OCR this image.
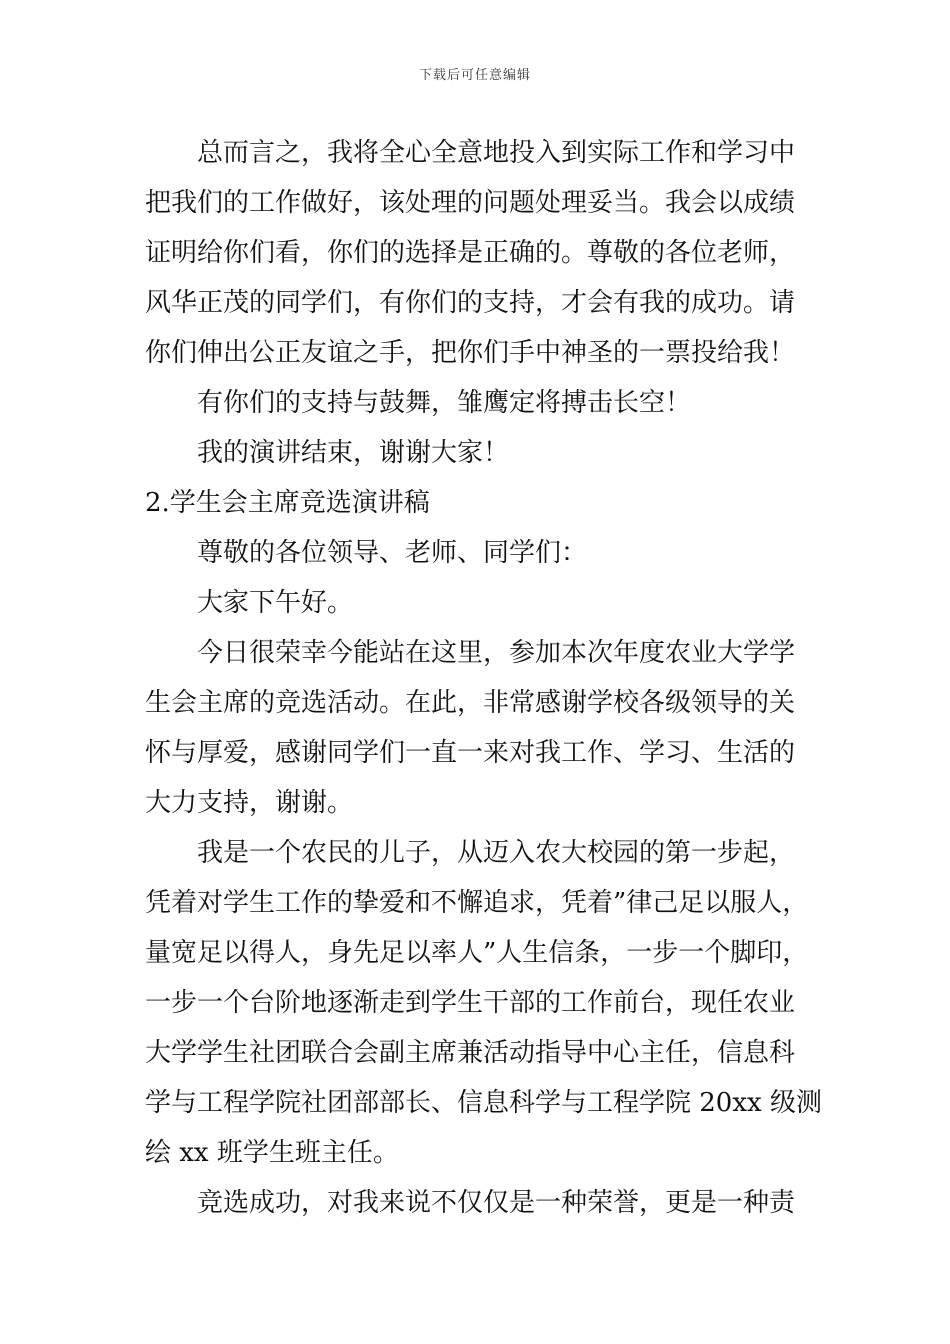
下载后可任意编辑
总而言之，我将全心全意地投入到实际工作和学习中
把我们的工作做好，该处理的问题处理妥当。我会以成绩
证明给你们看，你们的选择是正确的。尊敬的各位老师，
风华正茂的同学们，有你们的支持，才会有我的成功。请
你们伸出公正友谊之手，把你们手中神圣的一票投给我！
有你们的支持与鼓舞，雏鹰定将搏击长空！
我的演讲结束，谢谢大家！
2.学生会主席竞选演讲稿
尊敬的各位领导、老师、同学们：
大家下午好。
今日很荣幸今能站在这里，参加本次年度农业大学学
生会主席的竞选活动。在此，非常感谢学校各级领导的关
怀与厚爱，感谢同学们一直一来对我工作、学习、生活的
大力支持，谢谢。
我是一个农民的儿子，从迈入农大校园的第一步起，
凭着对学生工作的挚爱和不懈追求，凭着”律己足以服人，
量宽足以得人，身先足以率人”人生信条，一步一个脚印，
一步一个台阶地逐渐走到学生干部的工作前台，现任农业
大学学生社团联合会副主席兼活动指导中心主任，信息科
学与工程学院社团部部长、信息科学与工程学院 20xx 级测
绘 xx 班学生班主任。
竞选成功，对我来说不仅仅是一种荣誉，更是一种责
